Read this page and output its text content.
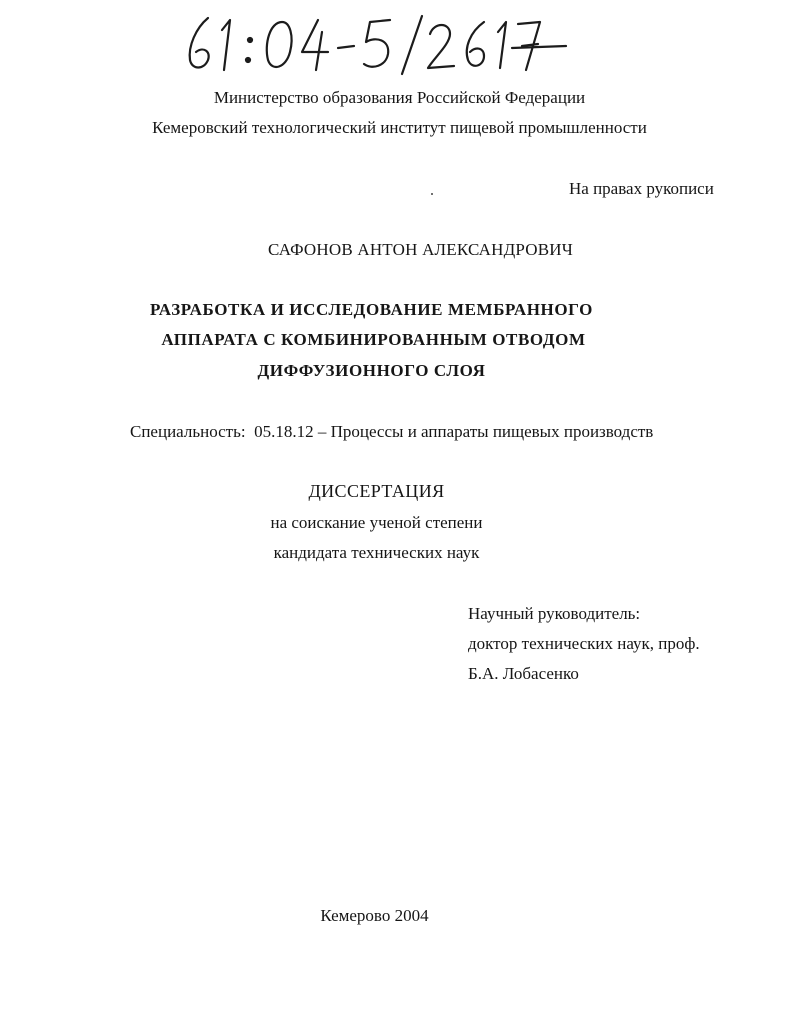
Министерство образования Российской Федерации
Кемеровский технологический институт пищевой промышленности
На правах рукописи
САФОНОВ АНТОН АЛЕКСАНДРОВИЧ
РАЗРАБОТКА И ИССЛЕДОВАНИЕ МЕМБРАННОГО
АППАРАТА С КОМБИНИРОВАННЫМ ОТВОДОМ
ДИФФУЗИОННОГО СЛОЯ
Специальность: 05.18.12 – Процессы и аппараты пищевых производств
ДИССЕРТАЦИЯ
на соискание ученой степени
кандидата технических наук
Научный руководитель:
доктор технических наук, проф.
Б.А. Лобасенко
Кемерово 2004
